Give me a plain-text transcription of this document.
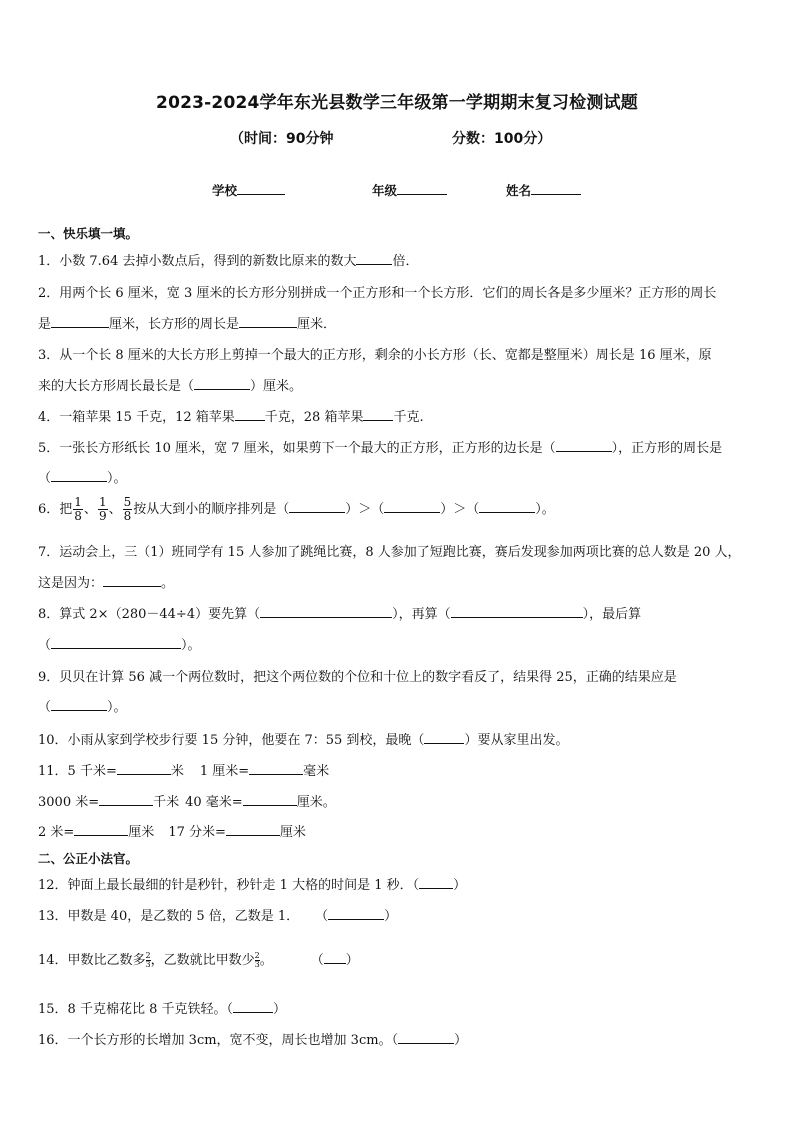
2023-2024学年东光县数学三年级第一学期期末复习检测试题
（时间：90分钟	分数：100分）
学校	年级	姓名
一、快乐填一填。
1．小数 7.64 去掉小数点后，得到的新数比原来的数大	倍．
2．用两个长 6 厘米，宽 3 厘米的长方形分别拼成一个正方形和一个长方形．它们的周长各是多少厘米？正方形的周长
是	厘米，长方形的周长是	厘米．
3．从一个长 8 厘米的大长方形上剪掉一个最大的正方形，剩余的小长方形（长、宽都是整厘米）周长是 16 厘米，原
来的大长方形周长最长是（	）厘米。
4．一箱苹果 15 千克，12 箱苹果 千克，28 箱苹果 千克.
5．一张长方形纸长 10 厘米，宽 7 厘米，如果剪下一个最大的正方形，正方形的边长是（	），正方形的周长是
（	）。
6．把 $\frac{1}{8}$ 、 $\frac{1}{9}$ 、 $\frac{5}{8}$ 按从大到小的顺序排列是（	）＞（	）＞（	）。
7．运动会上，三（1）班同学有 15 人参加了跳绳比赛，8 人参加了短跑比赛，赛后发现参加两项比赛的总人数是 20 人，
这是因为：	。
8．算式 2×（280－44÷4）要先算（	），再算（	），最后算
（	）。
9．贝贝在计算 56 减一个两位数时，把这个两位数的个位和十位上的数字看反了，结果得 25，正确的结果应是
（	）。
10．小雨从家到学校步行要 15 分钟，他要在 7：55 到校，最晚（	）要从家里出发。
11．5 千米=	米 1 厘米=	毫米
3000 米=	千米 40 毫米=	厘米。
2 米=	厘米 17 分米=	厘米
二、公正小法官。
12．钟面上最长最细的针是秒针，秒针走 1 大格的时间是 1 秒．（	）
13．甲数是 40，是乙数的 5 倍，乙数是 1． （	）
14．甲数比乙数多 $\frac{2}{3}$ ，乙数就比甲数少 $\frac{2}{3}$ 。	（ ）
15．8 千克棉花比 8 千克铁轻。（	）
16．一个长方形的长增加 3cm，宽不变，周长也增加 3cm。（	）
